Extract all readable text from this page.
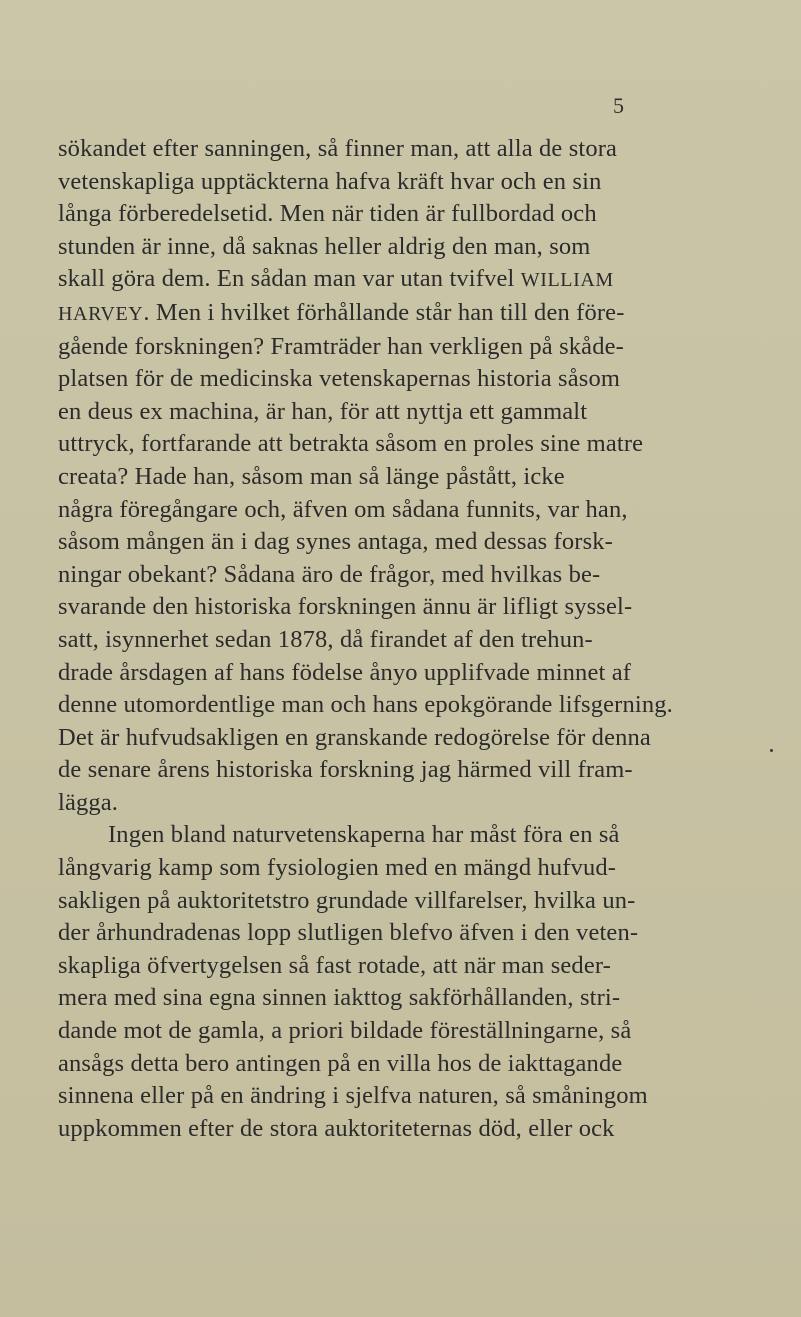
5
sökandet efter sanningen, så finner man, att alla de stora
vetenskapliga upptäckterna hafva kräft hvar och en sin
långa förberedelsetid. Men när tiden är fullbordad och
stunden är inne, då saknas heller aldrig den man, som
skall göra dem. En sådan man var utan tvifvel WILLIAM
HARVEY. Men i hvilket förhållande står han till den före-
gående forskningen? Framträder han verkligen på skåde-
platsen för de medicinska vetenskapernas historia såsom
en deus ex machina, är han, för att nyttja ett gammalt
uttryck, fortfarande att betrakta såsom en proles sine matre
creata? Hade han, såsom man så länge påstått, icke
några föregångare och, äfven om sådana funnits, var han,
såsom mången än i dag synes antaga, med dessas forsk-
ningar obekant? Sådana äro de frågor, med hvilkas be-
svarande den historiska forskningen ännu är lifligt syssel-
satt, isynnerhet sedan 1878, då firandet af den trehun-
drade årsdagen af hans födelse ånyo upplifvade minnet af
denne utomordentlige man och hans epokgörande lifsgerning.
Det är hufvudsakligen en granskande redogörelse för denna
de senare årens historiska forskning jag härmed vill fram-
lägga.
Ingen bland naturvetenskaperna har måst föra en så
långvarig kamp som fysiologien med en mängd hufvud-
sakligen på auktoritetstro grundade villfarelser, hvilka un-
der århundradenas lopp slutligen blefvo äfven i den veten-
skapliga öfvertygelsen så fast rotade, att när man seder-
mera med sina egna sinnen iakttog sakförhållanden, stri-
dande mot de gamla, a priori bildade föreställningarne, så
ansågs detta bero antingen på en villa hos de iakttagande
sinnena eller på en ändring i sjelfva naturen, så småningom
uppkommen efter de stora auktoriteternas död, eller ock
